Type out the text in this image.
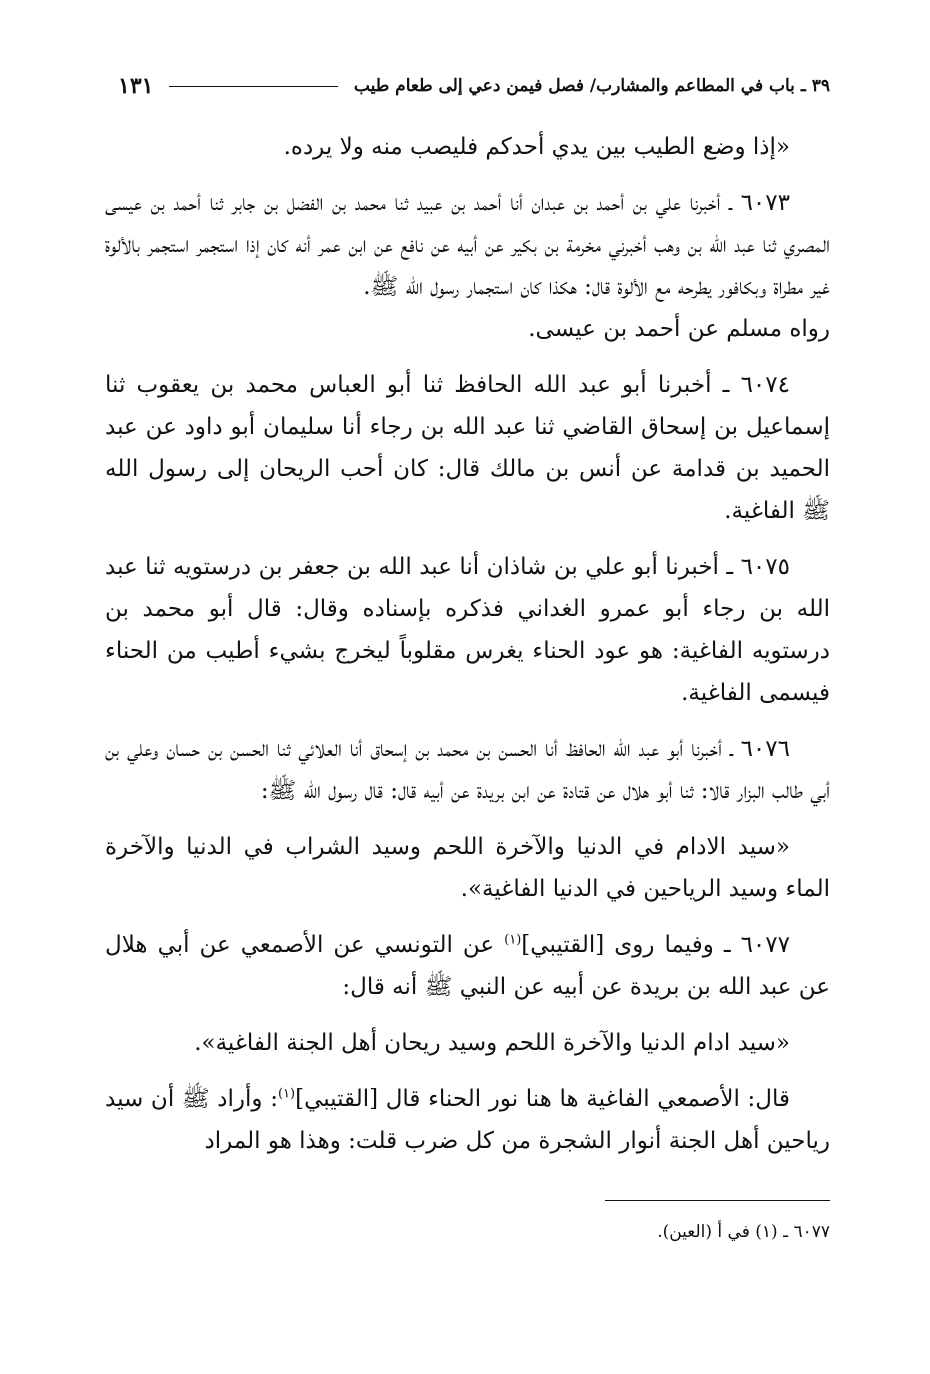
٣٩ ـ باب في المطاعم والمشارب/ فصل فيمن دعي إلى طعام طيب
١٣١

«إذا وضع الطيب بين يدي أحدكم فليصب منه ولا يرده.

٦٠٧٣ ـ أخبرنا علي بن أحمد بن عبدان أنا أحمد بن عبيد ثنا محمد بن الفضل بن جابر ثنا أحمد بن عيسى المصري ثنا عبد الله بن وهب أخبرني مخرمة بن بكير عن أبيه عن نافع عن ابن عمر أنه كان إذا استجمر استجمر بالألوة غير مطراة وبكافور يطرحه مع الألوة قال: هكذا كان استجمار رسول الله ﷺ.

رواه مسلم عن أحمد بن عيسى.

٦٠٧٤ ـ أخبرنا أبو عبد الله الحافظ ثنا أبو العباس محمد بن يعقوب ثنا إسماعيل بن إسحاق القاضي ثنا عبد الله بن رجاء أنا سليمان أبو داود عن عبد الحميد بن قدامة عن أنس بن مالك قال: كان أحب الريحان إلى رسول الله ﷺ الفاغية.

٦٠٧٥ ـ أخبرنا أبو علي بن شاذان أنا عبد الله بن جعفر بن درستويه ثنا عبد الله بن رجاء أبو عمرو الغداني فذكره بإسناده وقال: قال أبو محمد بن درستويه الفاغية: هو عود الحناء يغرس مقلوباً ليخرج بشيء أطيب من الحناء فيسمى الفاغية.

٦٠٧٦ ـ أخبرنا أبو عبد الله الحافظ أنا الحسن بن محمد بن إسحاق أنا العلائي ثنا الحسن بن حسان وعلي بن أبي طالب البزار قالا: ثنا أبو هلال عن قتادة عن ابن بريدة عن أبيه قال: قال رسول الله ﷺ:

«سيد الادام في الدنيا والآخرة اللحم وسيد الشراب في الدنيا والآخرة الماء وسيد الرياحين في الدنيا الفاغية».

٦٠٧٧ ـ وفيما روى [القتيبي]$^{(١)}$ عن التونسي عن الأصمعي عن أبي هلال عن عبد الله بن بريدة عن أبيه عن النبي ﷺ أنه قال:

«سيد ادام الدنيا والآخرة اللحم وسيد ريحان أهل الجنة الفاغية».

قال: الأصمعي الفاغية ها هنا نور الحناء قال [القتيبي]$^{(١)}$: وأراد ﷺ أن سيد رياحين أهل الجنة أنوار الشجرة من كل ضرب قلت: وهذا هو المراد

٦٠٧٧ ـ (١) في أ (العين).
